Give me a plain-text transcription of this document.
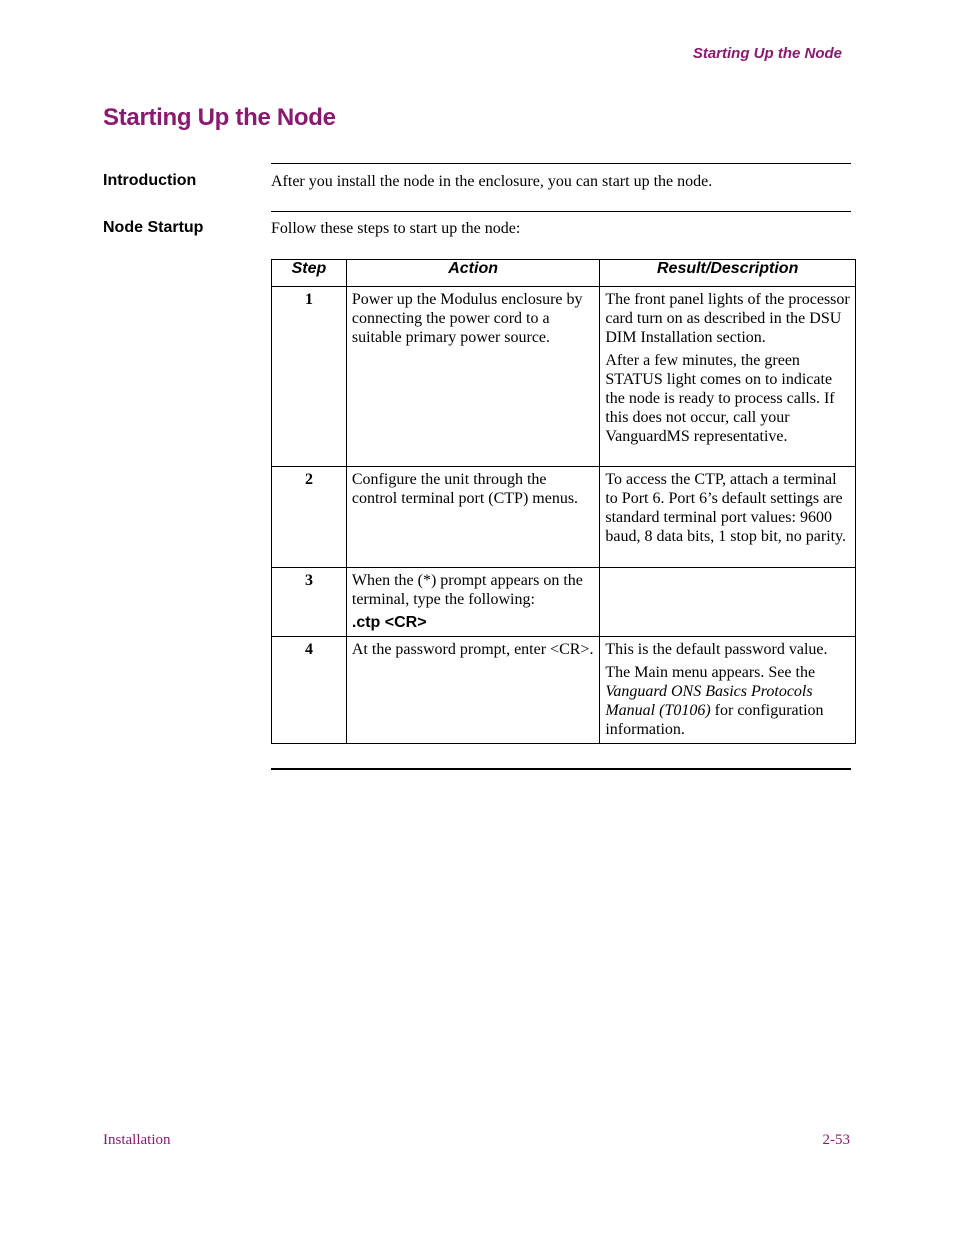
Starting Up the Node
Starting Up the Node
Introduction	After you install the node in the enclosure, you can start up the node.
Node Startup	Follow these steps to start up the node:
Step	Action	Result/Description
1	Power up the Modulus enclosure by connecting the power cord to a suitable primary power source.	The front panel lights of the processor card turn on as described in the DSU DIM Installation section.
After a few minutes, the green STATUS light comes on to indicate the node is ready to process calls. If this does not occur, call your VanguardMS representative.

2	Configure the unit through the control terminal port (CTP) menus.	To access the CTP, attach a terminal to Port 6. Port 6’s default settings are standard terminal port values: 9600 baud, 8 data bits, 1 stop bit, no parity.
3	When the (*) prompt appears on the terminal, type the following:
.ctp <CR>	

4	At the password prompt, enter <CR>.	This is the default password value.
The Main menu appears. See the Vanguard ONS Basics Protocols Manual (T0106) for configuration information.
Installation	2-53
